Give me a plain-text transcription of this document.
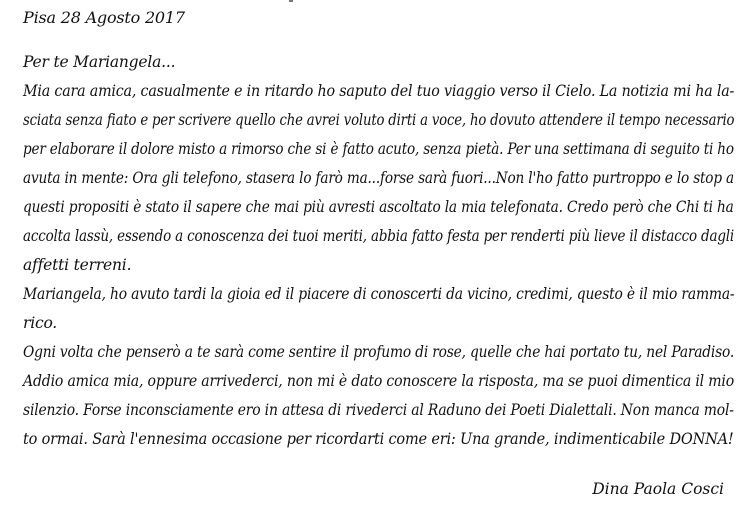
Pisa 28 Agosto 2017
Per te Mariangela...
Mia cara amica, casualmente e in ritardo ho saputo del tuo viaggio verso il Cielo. La notizia mi ha la-
sciata senza fiato e per scrivere quello che avrei voluto dirti a voce, ho dovuto attendere il tempo necessario
per elaborare il dolore misto a rimorso che si è fatto acuto, senza pietà. Per una settimana di seguito ti ho
avuta in mente: Ora gli telefono, stasera lo farò ma...forse sarà fuori...Non l'ho fatto purtroppo e lo stop a
questi propositi è stato il sapere che mai più avresti ascoltato la mia telefonata. Credo però che Chi ti ha
accolta lassù, essendo a conoscenza dei tuoi meriti, abbia fatto festa per renderti più lieve il distacco dagli
affetti terreni.
Mariangela, ho avuto tardi la gioia ed il piacere di conoscerti da vicino, credimi, questo è il mio rammа-
rico.
Ogni volta che penserò a te sarà come sentire il profumo di rose, quelle che hai portato tu, nel Paradiso.
Addio amica mia, oppure arrivederci, non mi è dato conoscere la risposta, ma se puoi dimentica il mio
silenzio. Forse inconsciamente ero in attesa di rivederci al Raduno dei Poeti Dialettali. Non manca mol-
to ormai. Sarà l'ennesima occasione per ricordarti come eri: Una grande, indimenticabile DONNA!
Dina Paola Cosci
